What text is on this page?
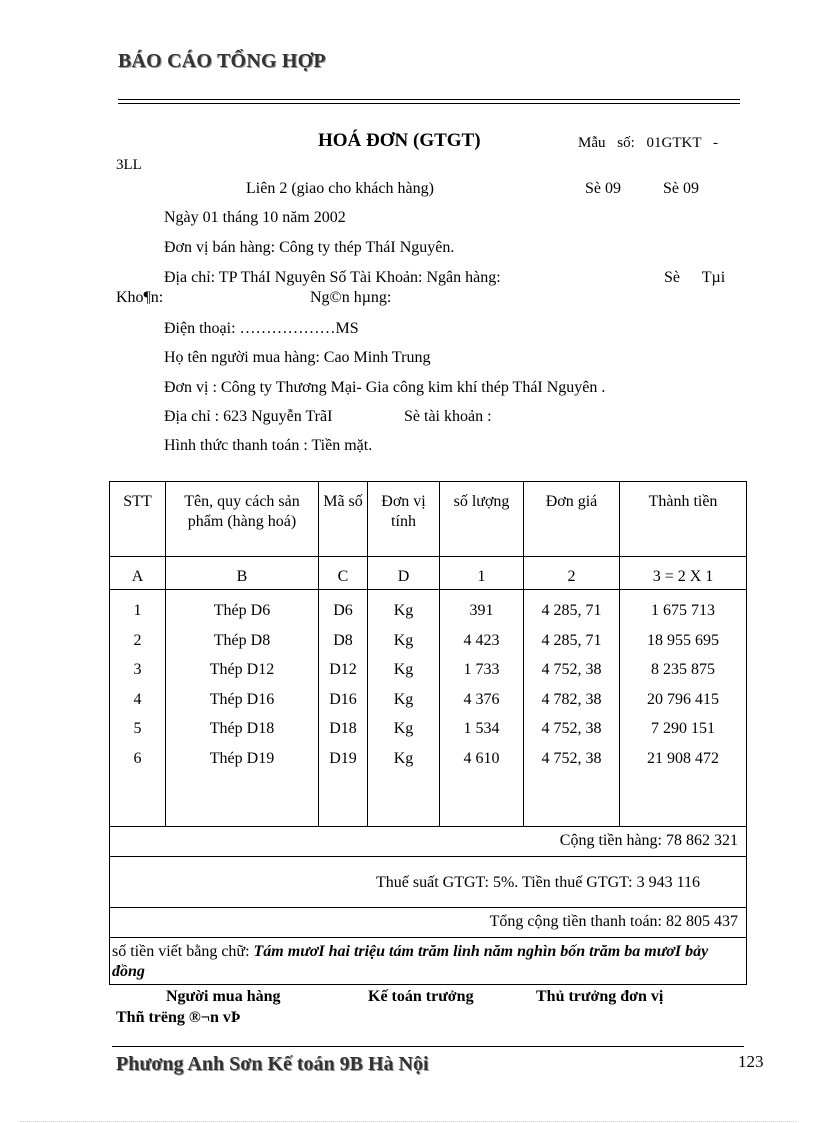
BÁO CÁO TỔNG HỢP
HOÁ ĐƠN (GTGT)	Mẫu số: 01GTKT -
3LL
Liên 2 (giao cho khách hàng)	Sè 09	Sè 09
Ngày 01 tháng 10 năm 2002
Đơn vị bán hàng: Công ty thép TháI Nguyên.
Địa chỉ: TP TháI Nguyên Số Tài Khoản: Ngân hàng:	Sè Tµi
Kho¶n:	Ng©n hµng:
Điện thoại: ………………MS
Họ tên người mua hàng: Cao Minh Trung
Đơn vị : Công ty Thương Mại- Gia công kim khí thép TháI Nguyên .
Địa chỉ : 623 Nguyễn TrãI	Sè tài khoản :
Hình thức thanh toán : Tiền mặt.
STT	Tên, quy cách sản phẩm (hàng hoá)	Mã số	Đơn vị tính	số lượng	Đơn giá	Thành tiền
A	B	C	D	1	2	3 = 2 X 1
1	Thép D6	D6	Kg	391	4 285, 71	1 675 713
2	Thép D8	D8	Kg	4 423	4 285, 71	18 955 695
3	Thép D12	D12	Kg	1 733	4 752, 38	8 235 875
4	Thép D16	D16	Kg	4 376	4 782, 38	20 796 415
5	Thép D18	D18	Kg	1 534	4 752, 38	7 290 151
6	Thép D19	D19	Kg	4 610	4 752, 38	21 908 472

Cộng tiền hàng: 78 862 321						
Thuế suất GTGT: 5%. Tiền thuế GTGT: 3 943 116						
Tổng cộng tiền thanh toán: 82 805 437						
số tiền viết bằng chữ: Tám mươI hai triệu tám trăm linh năm nghìn bốn trăm ba mươI bảy đồng						
Người mua hàng	Kế toán trưởng	Thủ trưởng đơn vị
Thñ trëng ®¬n vÞ
Phương Anh Sơn Kế toán 9B Hà Nội	123
